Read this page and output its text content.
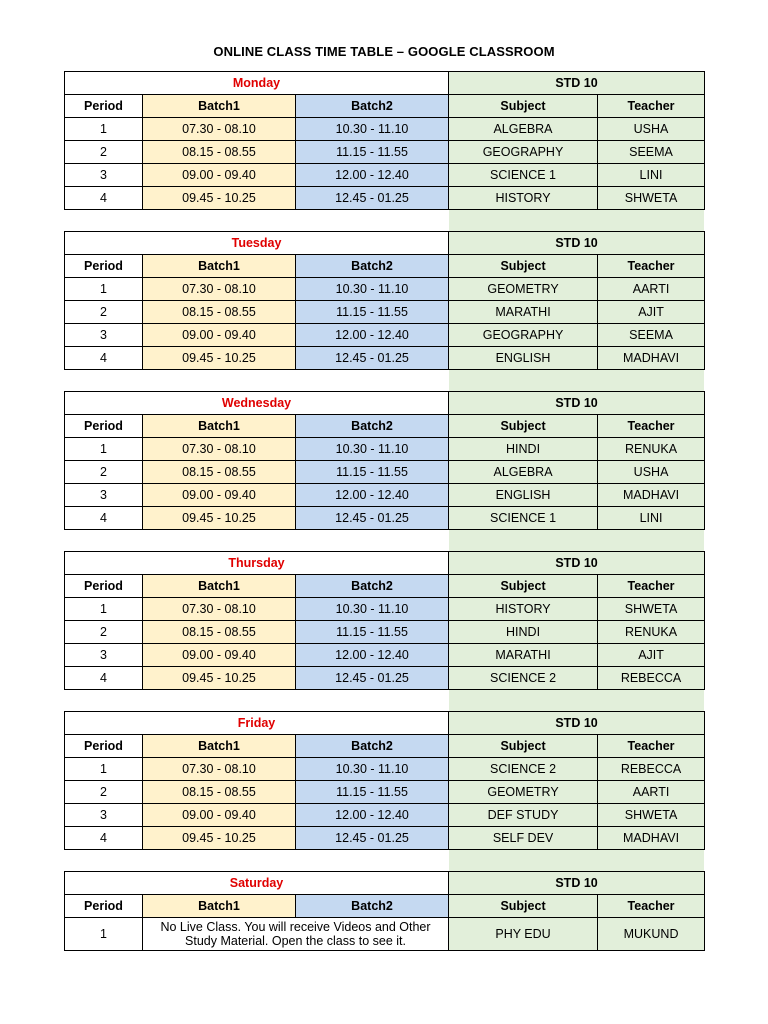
ONLINE CLASS TIME TABLE – GOOGLE CLASSROOM
Monday			STD 10	
Period	Batch1	Batch2	Subject	Teacher
1	07.30 - 08.10	10.30 - 11.10	ALGEBRA	USHA
2	08.15 - 08.55	11.15 - 11.55	GEOGRAPHY	SEEMA
3	09.00 - 09.40	12.00 - 12.40	SCIENCE 1	LINI
4	09.45 - 10.25	12.45 - 01.25	HISTORY	SHWETA
Tuesday			STD 10	
Period	Batch1	Batch2	Subject	Teacher
1	07.30 - 08.10	10.30 - 11.10	GEOMETRY	AARTI
2	08.15 - 08.55	11.15 - 11.55	MARATHI	AJIT
3	09.00 - 09.40	12.00 - 12.40	GEOGRAPHY	SEEMA
4	09.45 - 10.25	12.45 - 01.25	ENGLISH	MADHAVI
Wednesday			STD 10	
Period	Batch1	Batch2	Subject	Teacher
1	07.30 - 08.10	10.30 - 11.10	HINDI	RENUKA
2	08.15 - 08.55	11.15 - 11.55	ALGEBRA	USHA
3	09.00 - 09.40	12.00 - 12.40	ENGLISH	MADHAVI
4	09.45 - 10.25	12.45 - 01.25	SCIENCE 1	LINI
Thursday			STD 10	
Period	Batch1	Batch2	Subject	Teacher
1	07.30 - 08.10	10.30 - 11.10	HISTORY	SHWETA
2	08.15 - 08.55	11.15 - 11.55	HINDI	RENUKA
3	09.00 - 09.40	12.00 - 12.40	MARATHI	AJIT
4	09.45 - 10.25	12.45 - 01.25	SCIENCE 2	REBECCA
Friday			STD 10	
Period	Batch1	Batch2	Subject	Teacher
1	07.30 - 08.10	10.30 - 11.10	SCIENCE 2	REBECCA
2	08.15 - 08.55	11.15 - 11.55	GEOMETRY	AARTI
3	09.00 - 09.40	12.00 - 12.40	DEF STUDY	SHWETA
4	09.45 - 10.25	12.45 - 01.25	SELF DEV	MADHAVI
Saturday			STD 10	
Period	Batch1	Batch2	Subject	Teacher
1	No Live Class. You will receive Videos and Other
Study Material. Open the class to see it.		PHY EDU	MUKUND
